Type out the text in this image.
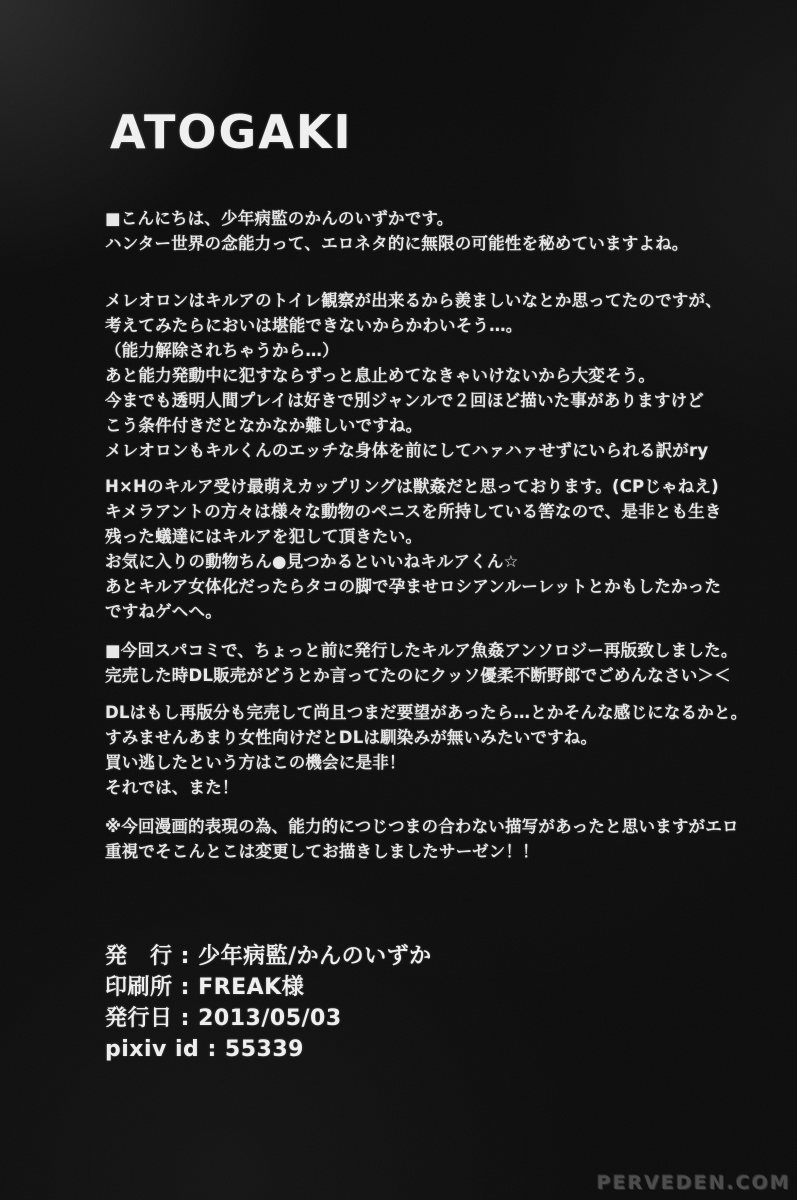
ATOGAKI
■こんにちは、少年病監のかんのいずかです。
ハンター世界の念能力って、エロネタ的に無限の可能性を秘めていますよね。
メレオロンはキルアのトイレ観察が出来るから羨ましいなとか思ってたのですが、
考えてみたらにおいは堪能できないからかわいそう…。
（能力解除されちゃうから…）
あと能力発動中に犯すならずっと息止めてなきゃいけないから大変そう。
今までも透明人間プレイは好きで別ジャンルで２回ほど描いた事がありますけど
こう条件付きだとなかなか難しいですね。
メレオロンもキルくんのエッチな身体を前にしてハァハァせずにいられる訳がry
H×Hのキルア受け最萌えカップリングは獣姦だと思っております。(CPじゃねえ)
キメラアントの方々は様々な動物のペニスを所持している筈なので、是非とも生き
残った蟻達にはキルアを犯して頂きたい。
お気に入りの動物ちん●見つかるといいねキルアくん☆
あとキルア女体化だったらタコの脚で孕ませロシアンルーレットとかもしたかった
ですねゲヘヘ。
■今回スパコミで、ちょっと前に発行したキルア魚姦アンソロジー再版致しました。
完売した時DL販売がどうとか言ってたのにクッソ優柔不断野郎でごめんなさい＞＜
DLはもし再版分も完売して尚且つまだ要望があったら…とかそんな感じになるかと。
すみませんあまり女性向けだとDLは馴染みが無いみたいですね。
買い逃したという方はこの機会に是非！
それでは、また！
※今回漫画的表現の為、能力的につじつまの合わない描写があったと思いますがエロ
重視でそこんとこは変更してお描きしましたサーゼン！！
発　行 : 少年病監/かんのいずか
印刷所 : FREAK様
発行日 : 2013/05/03
pixiv id : 55339
PERVEDEN.COM
